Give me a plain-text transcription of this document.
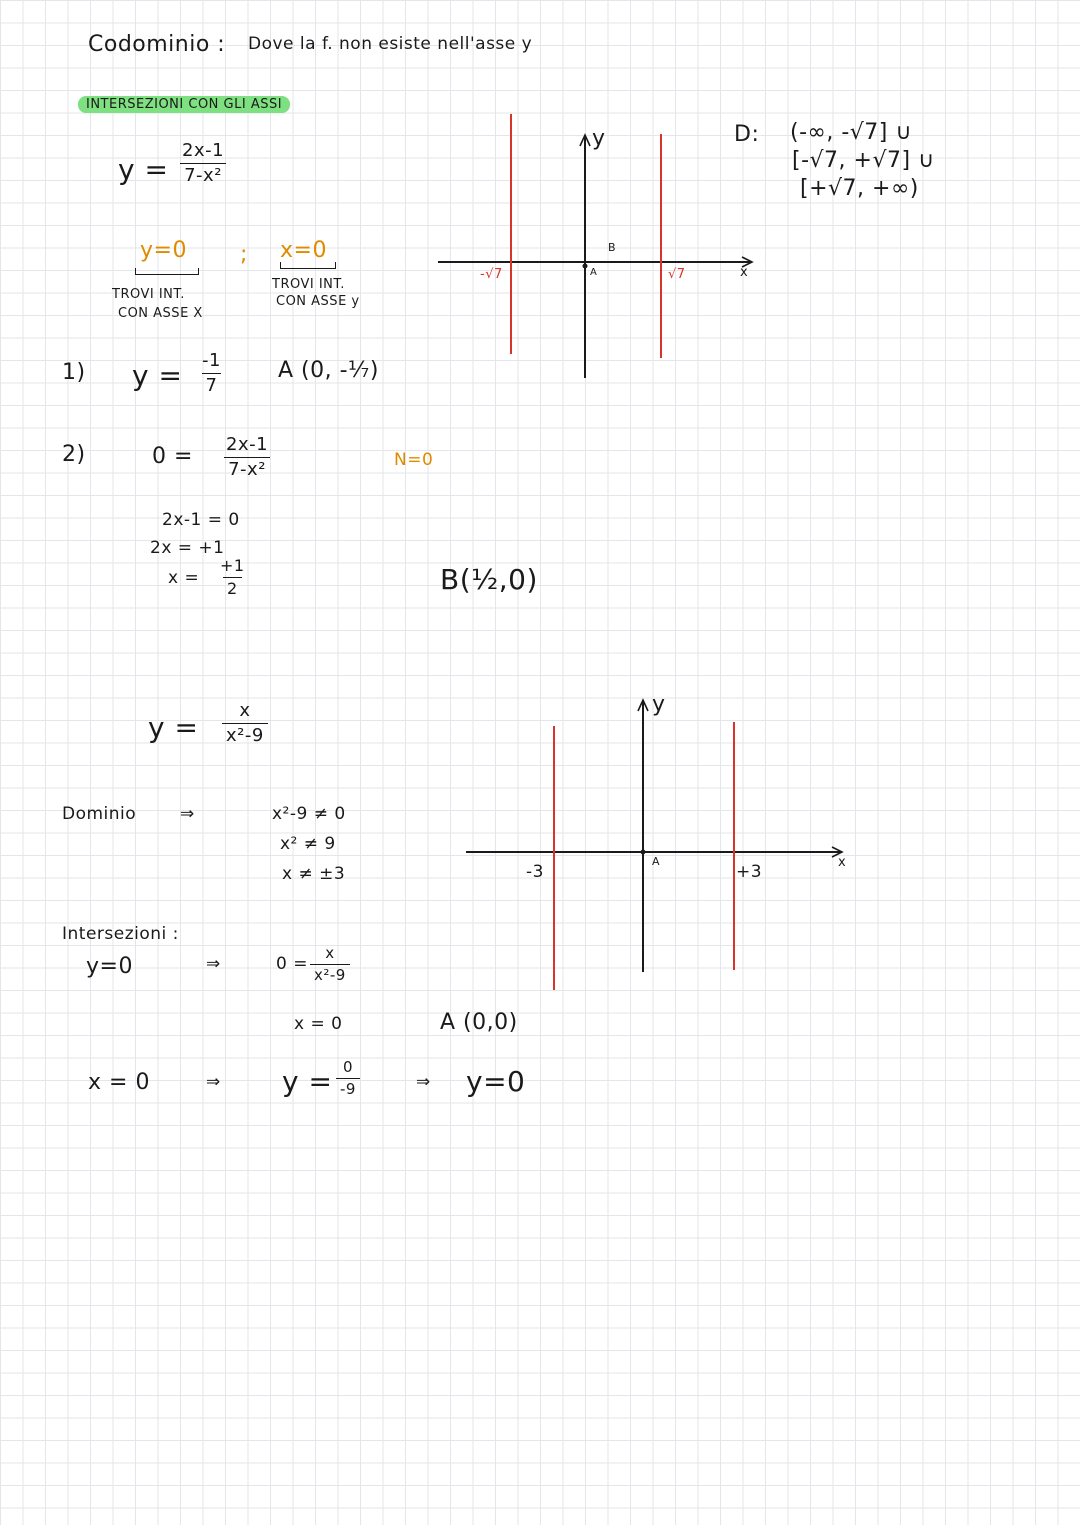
Codominio : Dove la f. non esiste nell'asse y
INTERSEZIONI CON GLI ASSI
$y = \frac{2x-1}{\text{7-x²}}$
y=0
TROVI INT.
CON ASSE X
; x=0
TROVI INT.
CON ASSE y
1) $y = \frac{-1}{7}$ A (0, -⅐)
2)	$0 = \frac{2x-1}{\text{7-x²}}$	N=0
2x-1 = 0
2x = +1
$x = \frac{+1}{2}$	B(½,0)
D: (-∞, -√7] ∪
[-√7, +√7] ∪
[+√7, +∞)
y
x
-√7	√7
A
B
$y = \frac{x}{\text{x²-9}}$
Dominio	⇒	x²-9 ≠ 0
x² ≠ 9
x ≠ ±3
Intersezioni :
y=0	⇒	$0 = \frac{x}{\text{x²-9}}$
x = 0	A (0,0)
x = 0	⇒ $y = \frac{0}{-9}$	⇒ y=0
y
x
-3	+3
A
